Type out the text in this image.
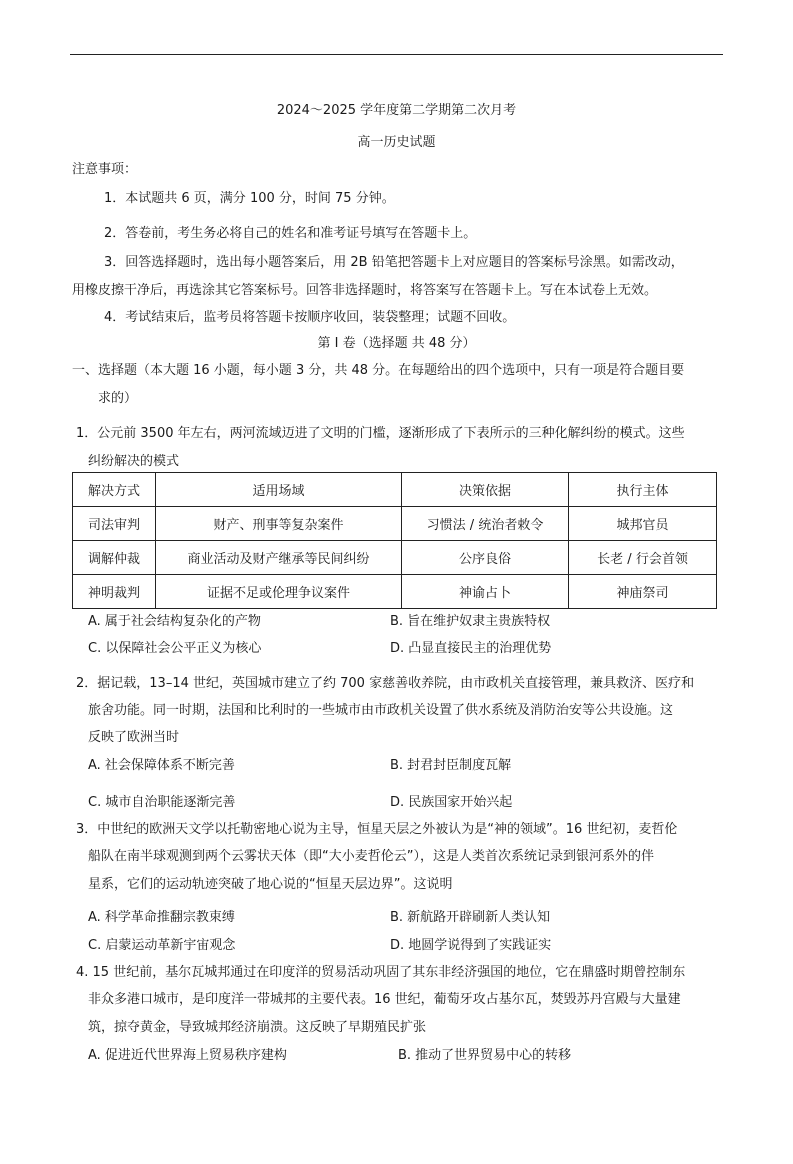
2024～2025 学年度第二学期第二次月考
高一历史试题
注意事项：
1．本试题共 6 页，满分 100 分，时间 75 分钟。
2．答卷前，考生务必将自己的姓名和准考证号填写在答题卡上。
3．回答选择题时，选出每小题答案后，用 2B 铅笔把答题卡上对应题目的答案标号涂黑。如需改动，
用橡皮擦干净后，再选涂其它答案标号。回答非选择题时，将答案写在答题卡上。写在本试卷上无效。
4．考试结束后，监考员将答题卡按顺序收回，装袋整理；试题不回收。
第 Ⅰ 卷（选择题 共 48 分）
一、选择题（本大题 16 小题，每小题 3 分，共 48 分。在每题给出的四个选项中，只有一项是符合题目要
求的）
1．公元前 3500 年左右，两河流域迈进了文明的门槛，逐渐形成了下表所示的三种化解纠纷的模式。这些
纠纷解决的模式
解决方式	适用场域	决策依据	执行主体
司法审判	财产、刑事等复杂案件	习惯法 / 统治者敕令	城邦官员
调解仲裁	商业活动及财产继承等民间纠纷	公序良俗	长老 / 行会首领
神明裁判	证据不足或伦理争议案件	神谕占卜	神庙祭司
A. 属于社会结构复杂化的产物	B. 旨在维护奴隶主贵族特权
C. 以保障社会公平正义为核心	D. 凸显直接民主的治理优势
2．据记载，13–14 世纪，英国城市建立了约 700 家慈善收养院，由市政机关直接管理，兼具救济、医疗和
旅舍功能。同一时期，法国和比利时的一些城市由市政机关设置了供水系统及消防治安等公共设施。这
反映了欧洲当时
A. 社会保障体系不断完善	B. 封君封臣制度瓦解
C. 城市自治职能逐渐完善	D. 民族国家开始兴起
3．中世纪的欧洲天文学以托勒密地心说为主导，恒星天层之外被认为是“神的领域”。16 世纪初，麦哲伦
船队在南半球观测到两个云雾状天体（即“大小麦哲伦云”），这是人类首次系统记录到银河系外的伴
星系，它们的运动轨迹突破了地心说的“恒星天层边界”。这说明
A. 科学革命推翻宗教束缚	B. 新航路开辟刷新人类认知
C. 启蒙运动革新宇宙观念	D. 地圆学说得到了实践证实
4. 15 世纪前，基尔瓦城邦通过在印度洋的贸易活动巩固了其东非经济强国的地位，它在鼎盛时期曾控制东
非众多港口城市，是印度洋一带城邦的主要代表。16 世纪，葡萄牙攻占基尔瓦，焚毁苏丹宫殿与大量建
筑，掠夺黄金，导致城邦经济崩溃。这反映了早期殖民扩张
A. 促进近代世界海上贸易秩序建构	B. 推动了世界贸易中心的转移
